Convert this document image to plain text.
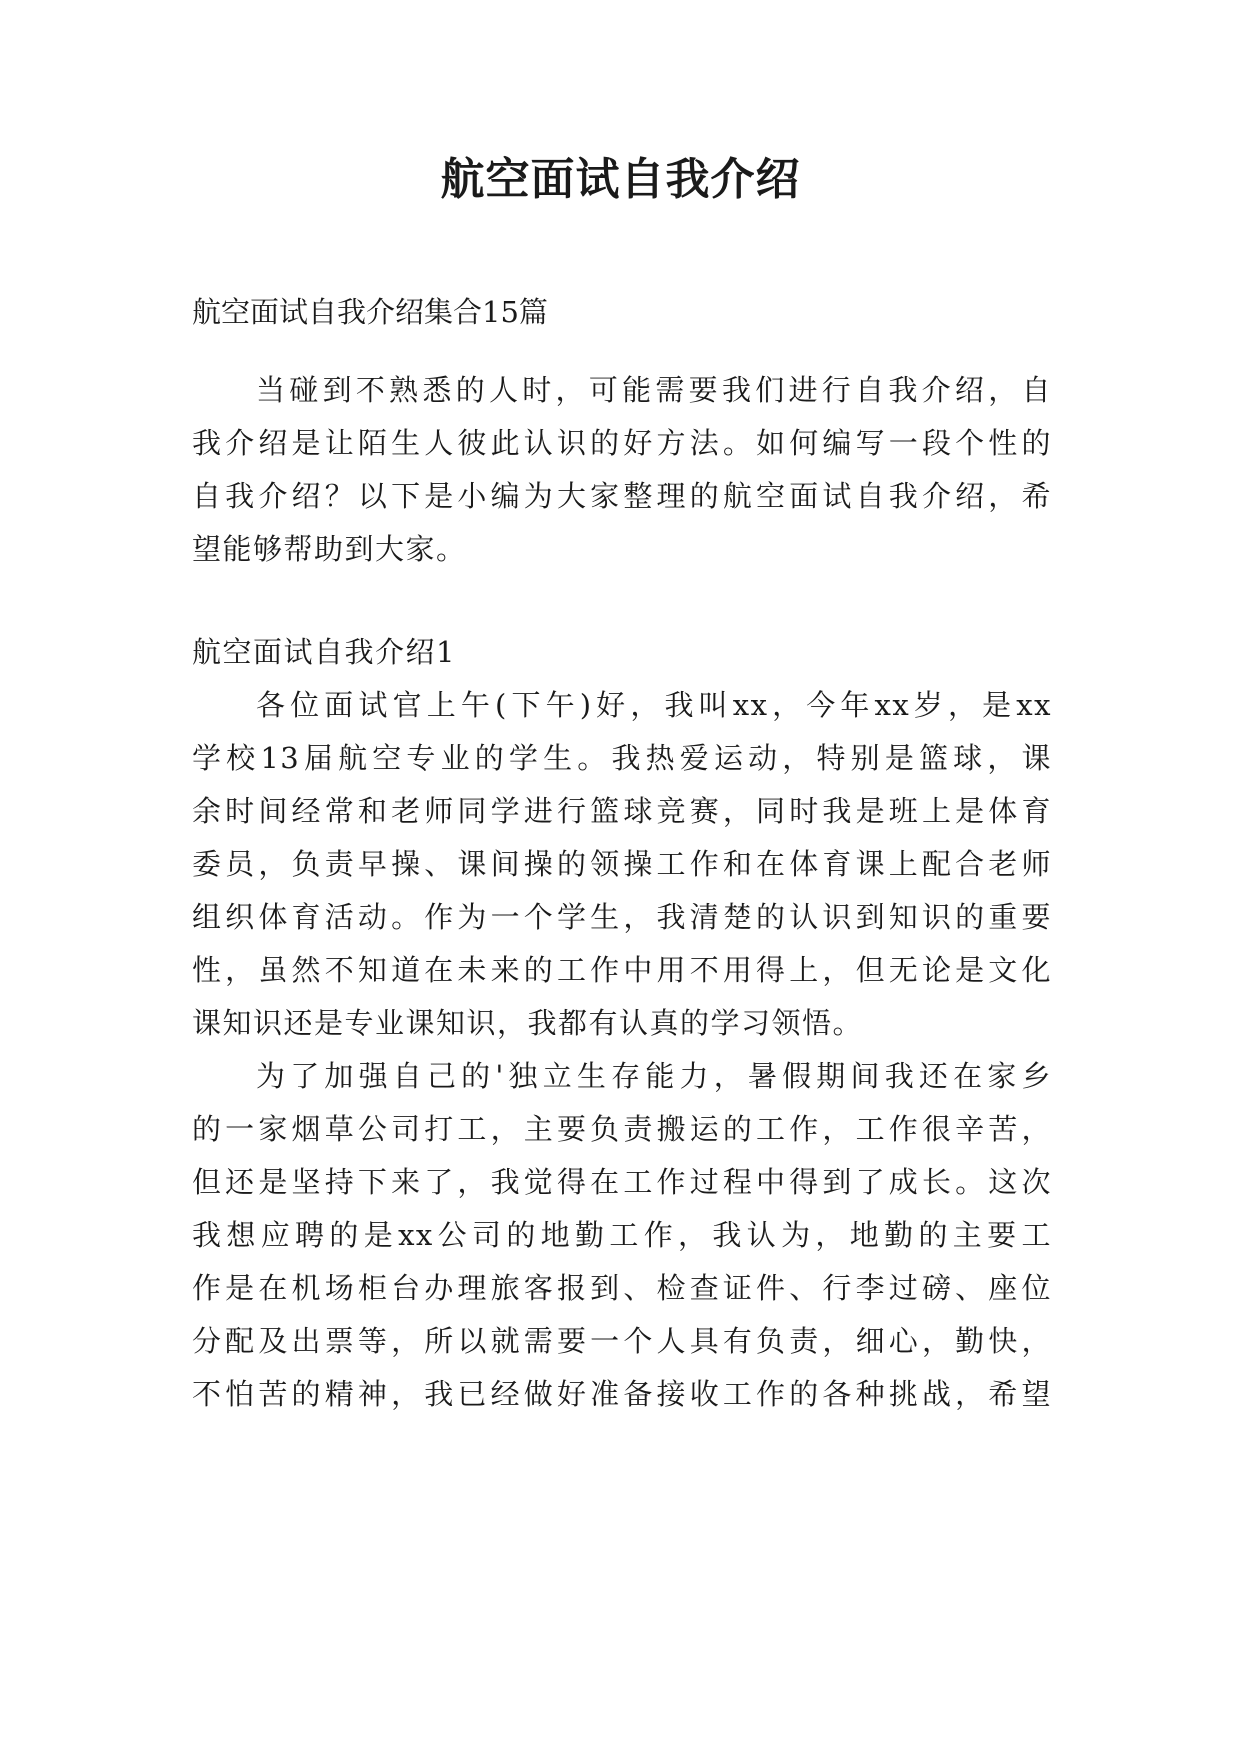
航空面试自我介绍

航空面试自我介绍集合15篇

当碰到不熟悉的人时，可能需要我们进行自我介绍，自

我介绍是让陌生人彼此认识的好方法。如何编写一段个性的

自我介绍？以下是小编为大家整理的航空面试自我介绍，希

望能够帮助到大家。

航空面试自我介绍1

各位面试官上午(下午)好，我叫xx，今年xx岁，是xx

学校13届航空专业的学生。我热爱运动，特别是篮球，课

余时间经常和老师同学进行篮球竞赛，同时我是班上是体育

委员，负责早操、课间操的领操工作和在体育课上配合老师

组织体育活动。作为一个学生，我清楚的认识到知识的重要

性，虽然不知道在未来的工作中用不用得上，但无论是文化

课知识还是专业课知识，我都有认真的学习领悟。

为了加强自己的'独立生存能力，暑假期间我还在家乡

的一家烟草公司打工，主要负责搬运的工作，工作很辛苦，

但还是坚持下来了，我觉得在工作过程中得到了成长。这次

我想应聘的是xx公司的地勤工作，我认为，地勤的主要工

作是在机场柜台办理旅客报到、检查证件、行李过磅、座位

分配及出票等，所以就需要一个人具有负责，细心，勤快，

不怕苦的精神，我已经做好准备接收工作的各种挑战，希望
